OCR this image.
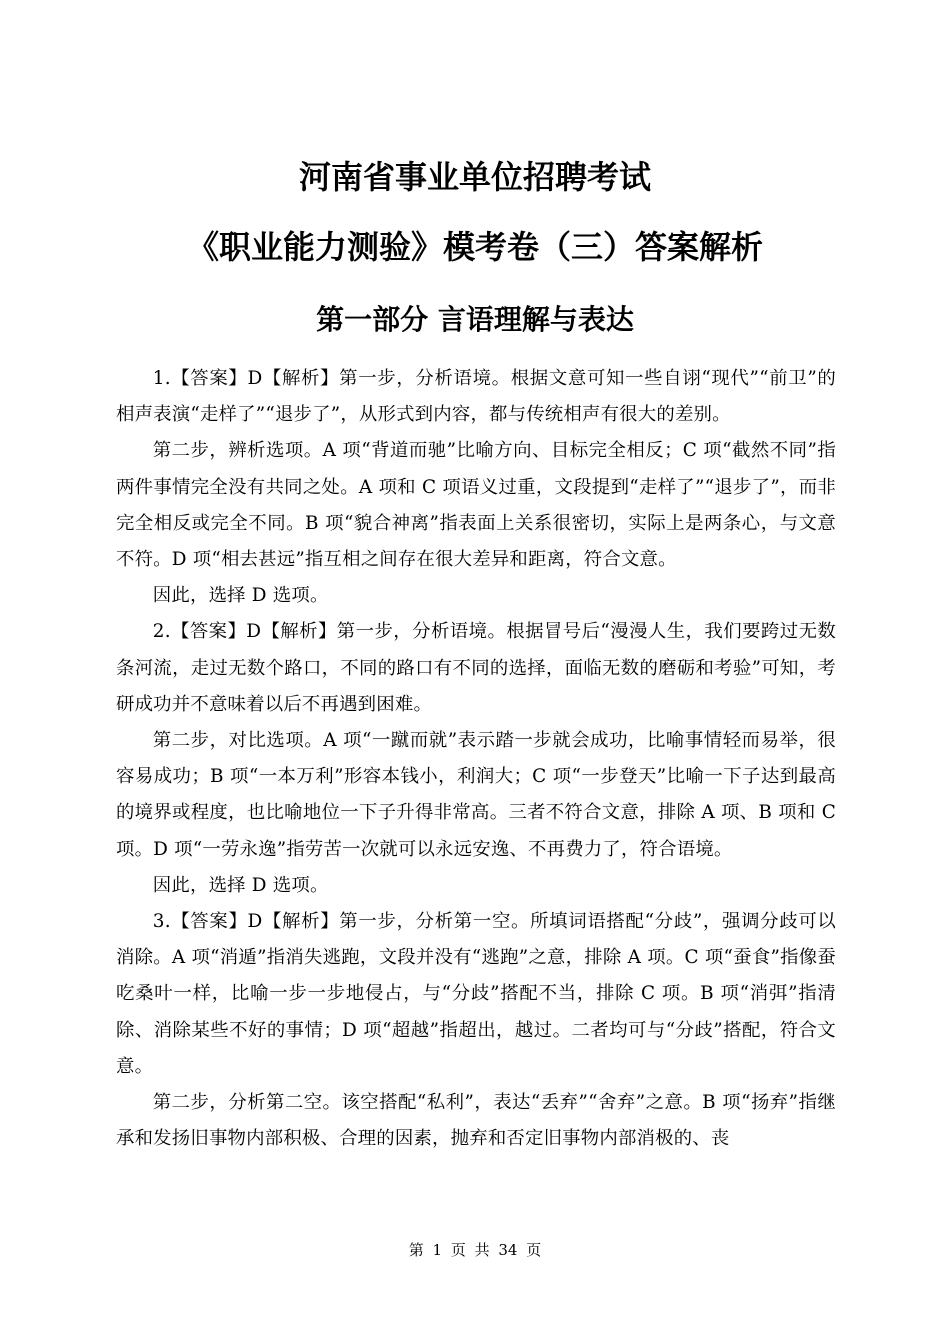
河南省事业单位招聘考试
《职业能力测验》模考卷（三）答案解析
第一部分 言语理解与表达

1.【答案】D【解析】第一步，分析语境。根据文意可知一些自诩“现代”“前卫”的相声表演“走样了”“退步了”，从形式到内容，都与传统相声有很大的差别。

第二步，辨析选项。A 项“背道而驰”比喻方向、目标完全相反；C 项“截然不同”指两件事情完全没有共同之处。A 项和 C 项语义过重，文段提到“走样了”“退步了”，而非完全相反或完全不同。B 项“貌合神离”指表面上关系很密切，实际上是两条心，与文意不符。D 项“相去甚远”指互相之间存在很大差异和距离，符合文意。

因此，选择 D 选项。

2.【答案】D【解析】第一步，分析语境。根据冒号后“漫漫人生，我们要跨过无数条河流，走过无数个路口，不同的路口有不同的选择，面临无数的磨砺和考验”可知，考研成功并不意味着以后不再遇到困难。

第二步，对比选项。A 项“一蹴而就”表示踏一步就会成功，比喻事情轻而易举，很容易成功；B 项“一本万利”形容本钱小，利润大；C 项“一步登天”比喻一下子达到最高的境界或程度，也比喻地位一下子升得非常高。三者不符合文意，排除 A 项、B 项和 C 项。D 项“一劳永逸”指劳苦一次就可以永远安逸、不再费力了，符合语境。

因此，选择 D 选项。

3.【答案】D【解析】第一步，分析第一空。所填词语搭配“分歧”，强调分歧可以消除。A 项“消遁”指消失逃跑，文段并没有“逃跑”之意，排除 A 项。C 项“蚕食”指像蚕吃桑叶一样，比喻一步一步地侵占，与“分歧”搭配不当，排除 C 项。B 项“消弭”指清除、消除某些不好的事情；D 项“超越”指超出，越过。二者均可与“分歧”搭配，符合文意。

第二步，分析第二空。该空搭配“私利”，表达“丢弃”“舍弃”之意。B 项“扬弃”指继承和发扬旧事物内部积极、合理的因素，抛弃和否定旧事物内部消极的、丧

第 1 页 共 34 页
